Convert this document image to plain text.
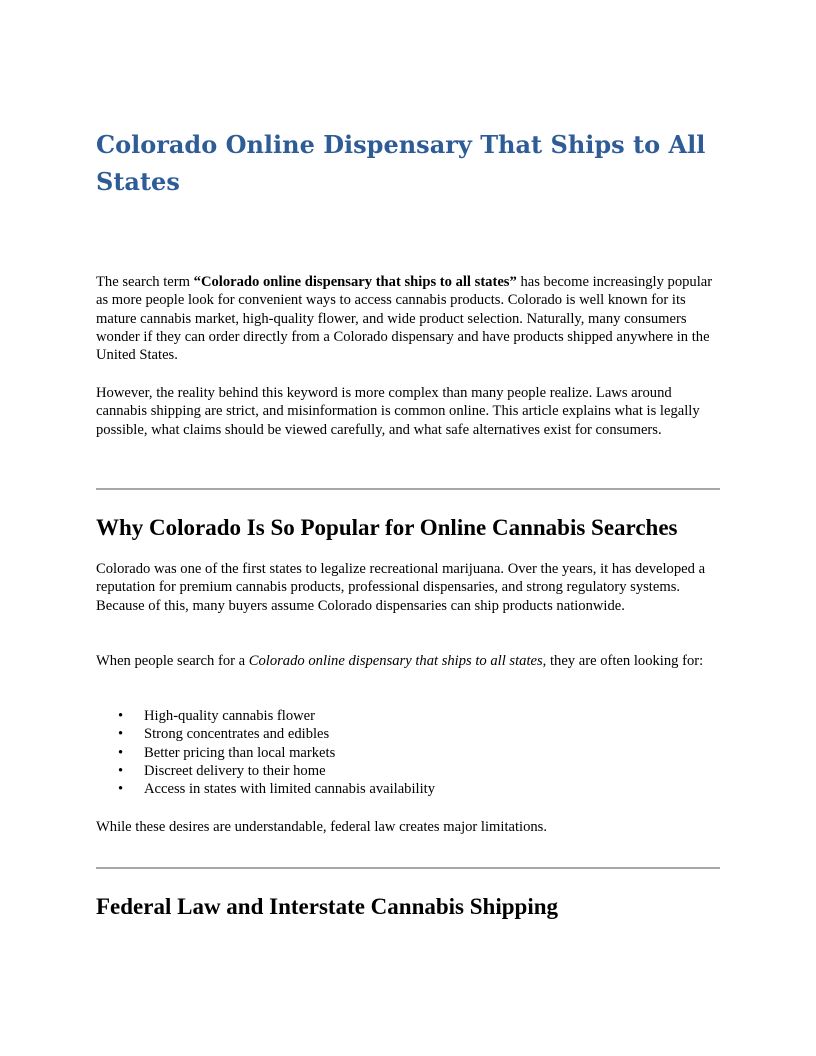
Colorado Online Dispensary That Ships to All States

The search term “Colorado online dispensary that ships to all states” has become increasingly popular as more people look for convenient ways to access cannabis products. Colorado is well known for its mature cannabis market, high-quality flower, and wide product selection. Naturally, many consumers wonder if they can order directly from a Colorado dispensary and have products shipped anywhere in the United States.

However, the reality behind this keyword is more complex than many people realize. Laws around cannabis shipping are strict, and misinformation is common online. This article explains what is legally possible, what claims should be viewed carefully, and what safe alternatives exist for consumers.

Why Colorado Is So Popular for Online Cannabis Searches

Colorado was one of the first states to legalize recreational marijuana. Over the years, it has developed a reputation for premium cannabis products, professional dispensaries, and strong regulatory systems. Because of this, many buyers assume Colorado dispensaries can ship products nationwide.

When people search for a Colorado online dispensary that ships to all states, they are often looking for:

• High-quality cannabis flower
• Strong concentrates and edibles
• Better pricing than local markets
• Discreet delivery to their home
• Access in states with limited cannabis availability

While these desires are understandable, federal law creates major limitations.

Federal Law and Interstate Cannabis Shipping
